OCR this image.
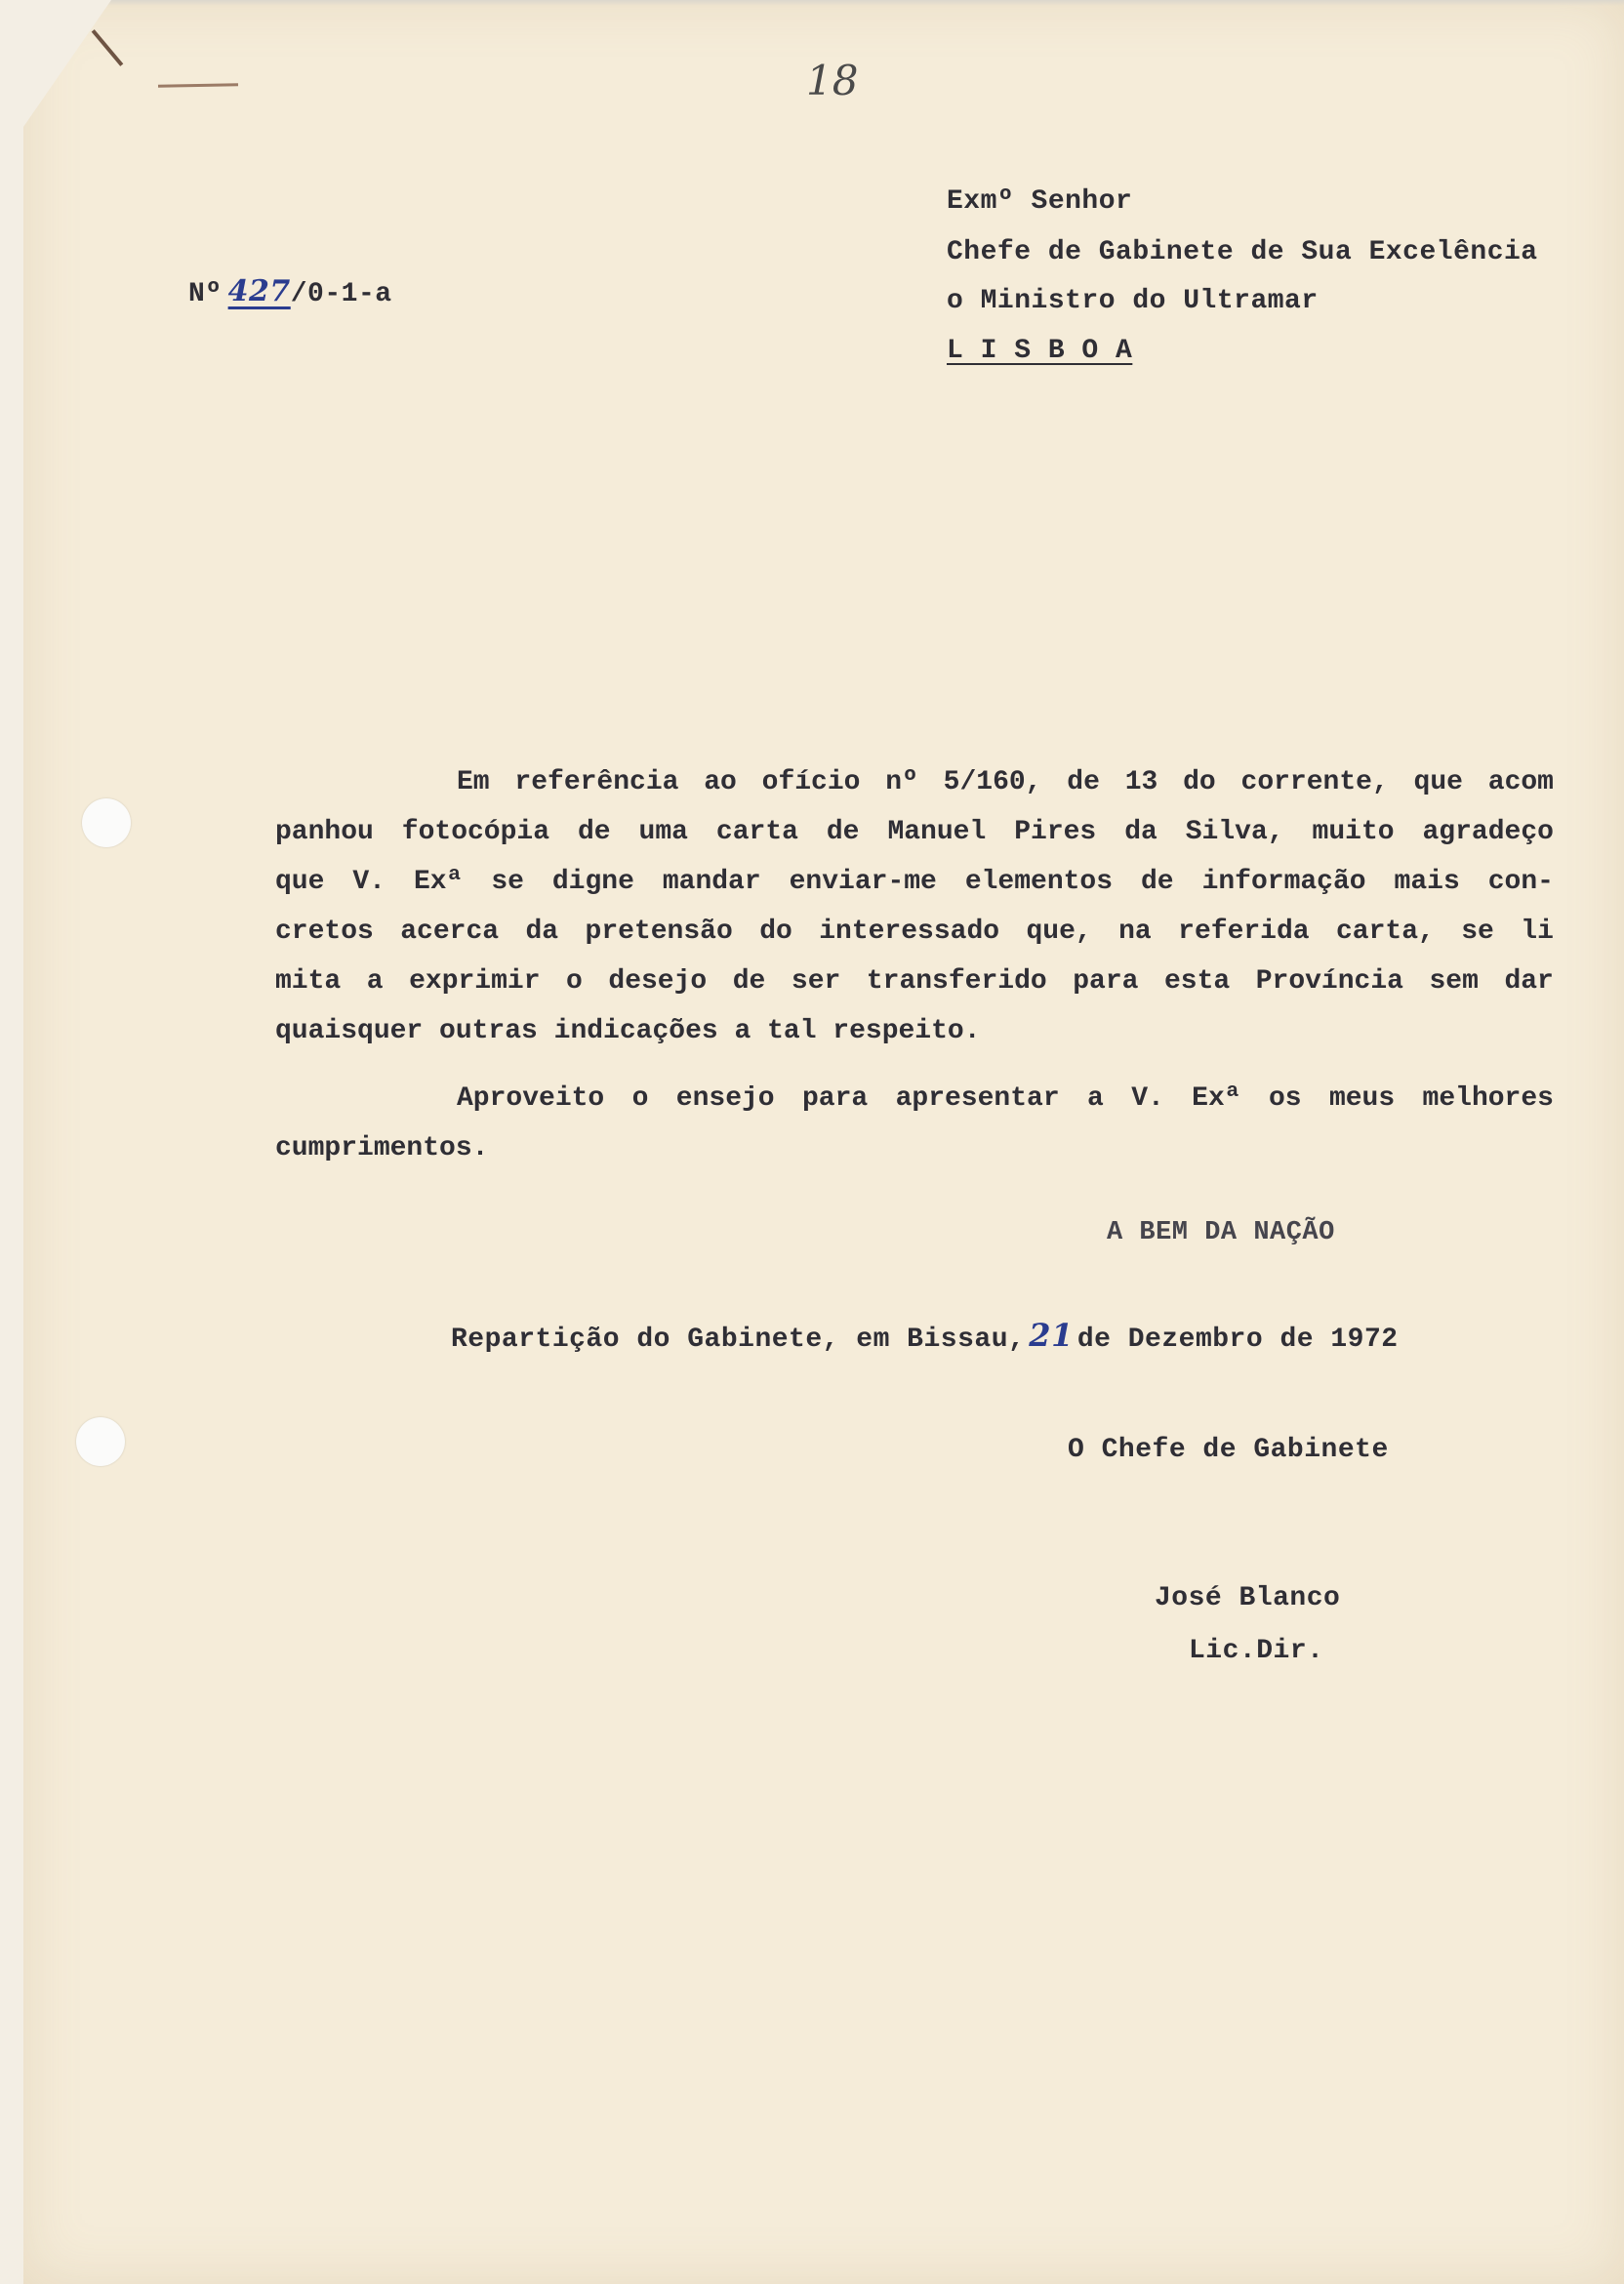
18
Nº 427/0-1-a
Exmº Senhor
Chefe de Gabinete de Sua Excelência
o Ministro do Ultramar
L I S B O A
Em referência ao ofício nº 5/160, de 13 do corrente, que acom
panhou fotocópia de uma carta de Manuel Pires da Silva, muito agradeço
que V. Exª se digne mandar enviar-me elementos de informação mais con-
cretos acerca da pretensão do interessado que, na referida carta, se li
mita a exprimir o desejo de ser transferido para esta Província sem dar
quaisquer outras indicações a tal respeito.
Aproveito o ensejo para apresentar a V. Exª os meus melhores
cumprimentos.
A BEM DA NAÇÃO
Repartição do Gabinete, em Bissau, 21 de Dezembro de 1972
O Chefe de Gabinete
José Blanco
Lic.Dir.
